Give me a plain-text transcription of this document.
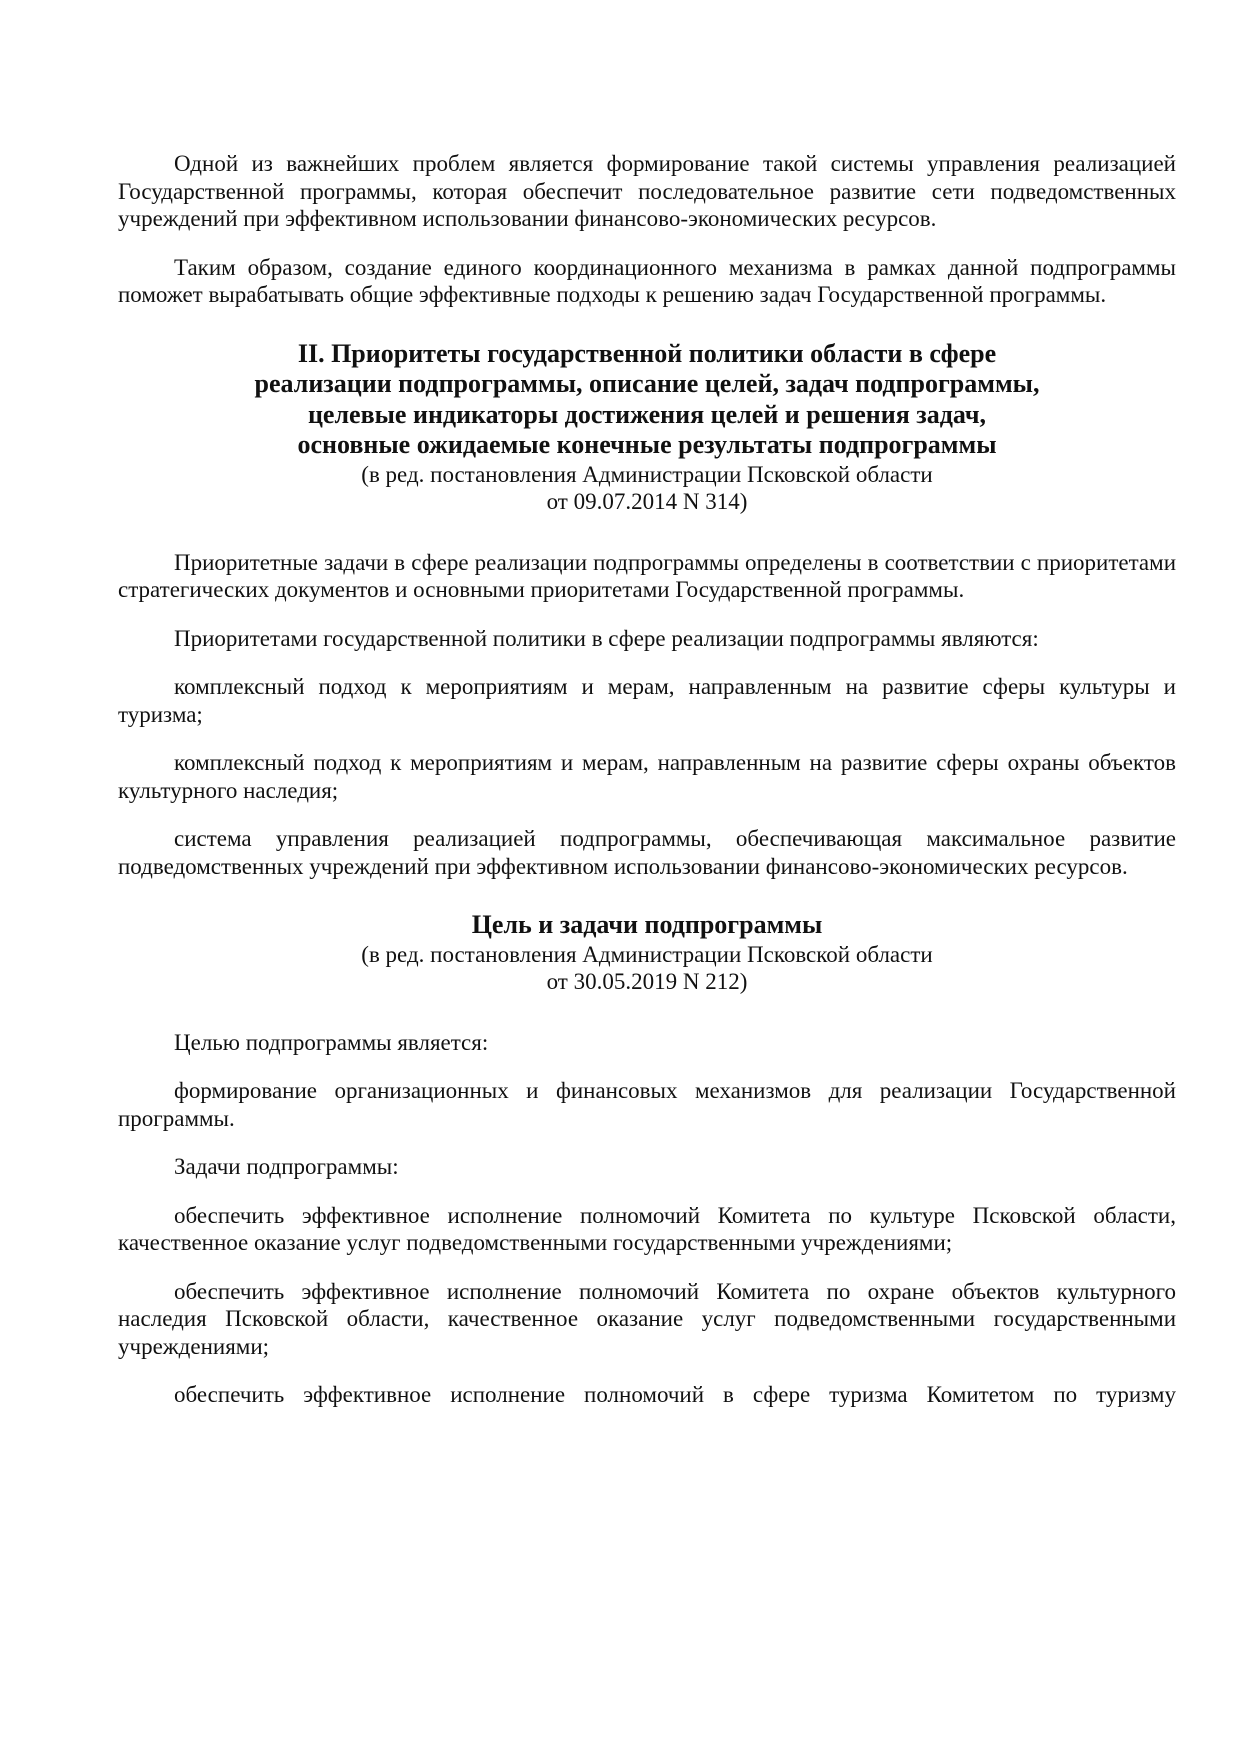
Одной из важнейших проблем является формирование такой системы управления реализацией Государственной программы, которая обеспечит последовательное развитие сети подведомственных учреждений при эффективном использовании финансово-экономических ресурсов.

Таким образом, создание единого координационного механизма в рамках данной подпрограммы поможет вырабатывать общие эффективные подходы к решению задач Государственной программы.

II. Приоритеты государственной политики области в сфере

реализации подпрограммы, описание целей, задач подпрограммы,

целевые индикаторы достижения целей и решения задач,

основные ожидаемые конечные результаты подпрограммы

(в ред. постановления Администрации Псковской области

от 09.07.2014 N 314)

Приоритетные задачи в сфере реализации подпрограммы определены в соответствии с приоритетами стратегических документов и основными приоритетами Государственной программы.

Приоритетами государственной политики в сфере реализации подпрограммы являются:

комплексный подход к мероприятиям и мерам, направленным на развитие сферы культуры и туризма;

комплексный подход к мероприятиям и мерам, направленным на развитие сферы охраны объектов культурного наследия;

система управления реализацией подпрограммы, обеспечивающая максимальное развитие подведомственных учреждений при эффективном использовании финансово-экономических ресурсов.

Цель и задачи подпрограммы

(в ред. постановления Администрации Псковской области

от 30.05.2019 N 212)

Целью подпрограммы является:

формирование организационных и финансовых механизмов для реализации Государственной программы.

Задачи подпрограммы:

обеспечить эффективное исполнение полномочий Комитета по культуре Псковской области, качественное оказание услуг подведомственными государственными учреждениями;

обеспечить эффективное исполнение полномочий Комитета по охране объектов культурного наследия Псковской области, качественное оказание услуг подведомственными государственными учреждениями;

обеспечить эффективное исполнение полномочий в сфере туризма Комитетом по туризму
